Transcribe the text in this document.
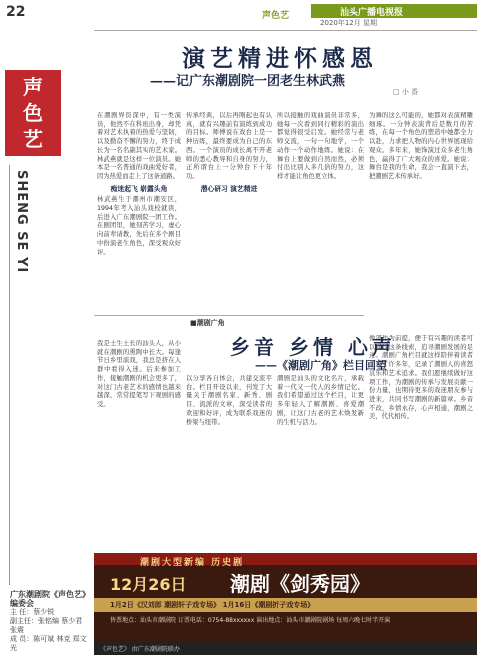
22
声
色
艺
SHENG SE YI
广东潮剧院《声色艺》编委会
主 任：蔡少锐
副主任：张铭编 蔡少君 张震
成 员：陈可斌 林克 郑文光
汕头广播电视报
2020年12月 星期
声色艺
演艺精进怀感恩
——记广东潮剧院一团老生林武燕
□ 小 香
在潮剧界资深中，有一类演员，他然不在科班出身，却凭着对艺术执着的热爱与坚韧，以及勤奋不懈的努力，终于成长为一名名副其实的艺术家。林武燕就是这样一位演员。她本是一名普通的戏曲爱好者，因为热爱而走上了这条道路。
痴迷起飞 崭露头角
林武燕生于潮州市潮安区，1994年考入汕头戏校就读，后进入广东潮剧院一团工作。在剧团里，她刻苦学习，虚心向前辈请教，先后在多个剧目中扮演老生角色，深受观众好评。
传承经典，以后再刚起也有认真，就有兴趣前有演练到成功的目标。师傅说在戏台上是一种历练，最终要成为自己的东西。一个演员的成长离不开老师的悉心教导和自身的努力，正所谓台上一分钟台下十年功。
潜心研习 演艺精进
所以接触的戏曲演员非常多，她每一次看到同行精彩的演出都觉得很受启发。她经常与老师交流，一句一句地学，一个动作一个动作地练。她说：在舞台上要做到自然而然，必须付出比别人多几倍的努力，这样才能让角色更立体。
为舞的这么可能的，她都对表演精雕细琢。一分钟表演背后是数月的苦练，在每一个角色的塑造中她都全力以赴，力求把人物的内心世界展现给观众。多年来，她饰演过众多老生角色，赢得了广大观众的喜爱。她说：舞台是我的生命，我会一直演下去，把潮剧艺术传承好。
■潮剧广角
乡音 乡情 心声
——《潮剧广角》栏目回望
我是土生土长的汕头人，从小就在潮剧的熏陶中长大。每逢节日乡里演戏，我总是挤在人群中看得入迷。后来参加工作，接触潮剧的机会更多了，对这门古老艺术的感情也越来越深，常常提笔写下观剧的感受。
以分享各自体会，共建交流平台。栏目开设以来，刊发了大量关于潮剧名家、新秀、剧目、流派的文章，深受读者的欢迎和好评，成为联系戏迷的桥梁与纽带。
潮剧是汕头的文化名片，承载着一代又一代人的乡情记忆。我们希望通过这个栏目，让更多年轻人了解潮剧、喜爱潮剧，让这门古老的艺术焕发新的生机与活力。
像部作为前提，便于有兴趣的读者可以通过这条线索，追寻潮剧发展的足迹。潮剧广角栏目就这样陪伴着读者走过了许多年，记录了潮剧人的喜怒哀乐和艺术追求。我们愿继续做好这项工作，为潮剧的传承与发展贡献一份力量，也期待更多的戏迷朋友参与进来，共同书写潮剧的新篇章。乡音不改，乡情永存，心声相通，潮剧之美，代代相传。
潮剧大型新编 历史剧
12月26日 潮剧《剑秀园》
1月2日《汉刘郎 潮剧轩子戏专场》 1月16日《潮剧折子戏专场》
售票地点：汕头市潮剧院 订票电话：0754-88xxxxxx 演出地点：汕头市潮剧院剧场 每周六晚七时半开演
《声色艺》 由广东潮剧院联办
